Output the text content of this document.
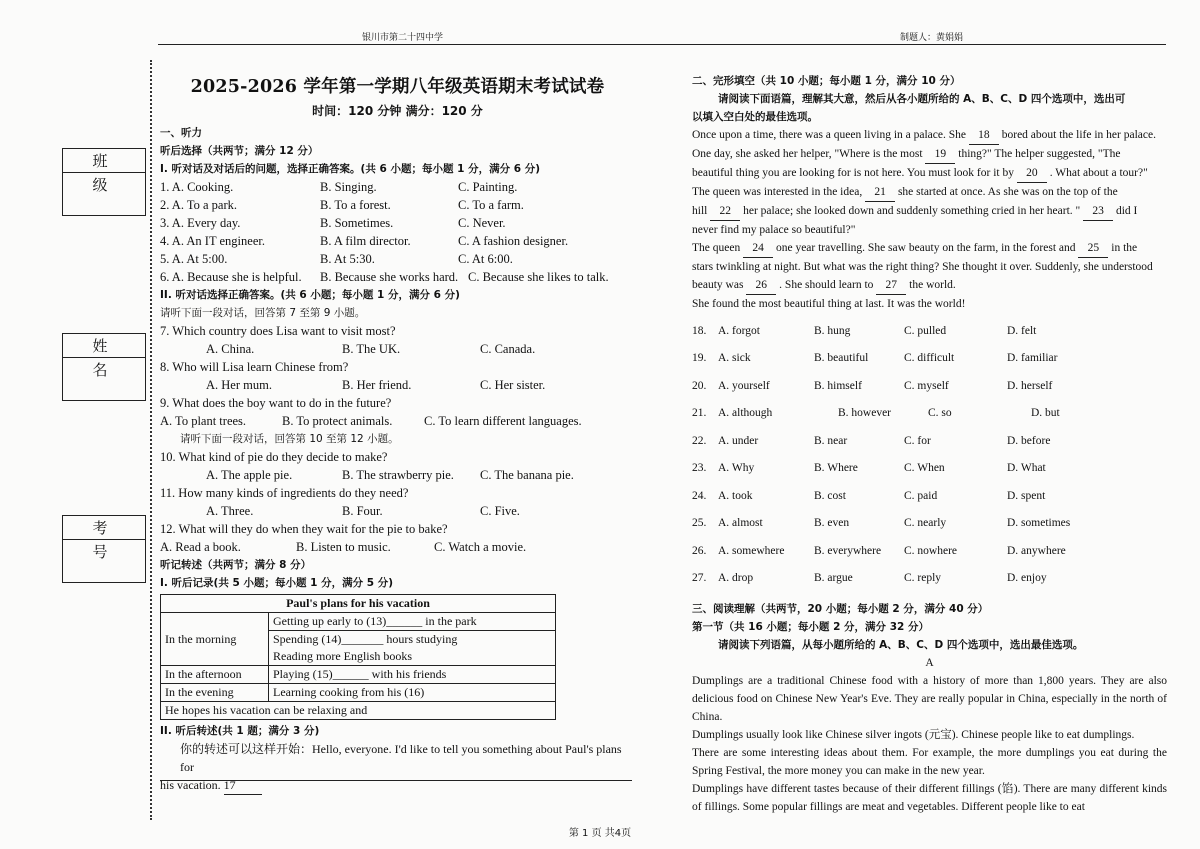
银川市第二十四中学	制题人：黄娟娟
班 级
姓 名
考 号
2025-2026 学年第一学期八年级英语期末考试试卷
时间：120 分钟 满分：120 分
一、听力
听后选择（共两节；满分 12 分）
I. 听对话及对话后的问题，选择正确答案。(共 6 小题；每小题 1 分，满分 6 分)
1. A. Cooking.	B. Singing.	C. Painting.
2. A. To a park.	B. To a forest.	C. To a farm.
3. A. Every day.	B. Sometimes.	C. Never.
4. A. An IT engineer.	B. A film director.	C. A fashion designer.
5. A. At 5:00.	B. At 5:30.	C. At 6:00.
6. A. Because she is helpful.	B. Because she works hard. C. Because she likes to talk.
II. 听对话选择正确答案。(共 6 小题；每小题 1 分，满分 6 分)
请听下面一段对话，回答第 7 至第 9 小题。
7. Which country does Lisa want to visit most?
A. China.	B. The UK.	C. Canada.
8. Who will Lisa learn Chinese from?
A. Her mum.	B. Her friend.	C. Her sister.
9. What does the boy want to do in the future?
A. To plant trees.	B. To protect animals.	C. To learn different languages.
请听下面一段对话，回答第 10 至第 12 小题。
10. What kind of pie do they decide to make?
A. The apple pie.	B. The strawberry pie.	C. The banana pie.
11. How many kinds of ingredients do they need?
A. Three.	B. Four.	C. Five.
12. What will they do when they wait for the pie to bake?
A. Read a book.	B. Listen to music.	C. Watch a movie.
听记转述（共两节；满分 8 分）
I. 听后记录(共 5 小题；每小题 1 分，满分 5 分)
Paul's plans for his vacation	
In the morning	Getting up early to (13)______ in the park
	Spending (14)_______ hours studying
	Reading more English books
In the afternoon	Playing (15)______ with his friends
In the evening	Learning cooking from his (16)
He hopes his vacation can be relaxing and	
II. 听后转述(共 1 题；满分 3 分)
你的转述可以这样开始：Hello, everyone. I'd like to tell you something about Paul's plans for
his vacation. 17
二、完形填空（共 10 小题；每小题 1 分，满分 10 分）
请阅读下面语篇，理解其大意，然后从各小题所给的 A、B、C、D 四个选项中，选出可
以填入空白处的最佳选项。

Once upon a time, there was a queen living in a palace. She 18 bored about the life in her palace.

One day, she asked her helper, "Where is the most 19 thing?" The helper suggested, "The

beautiful thing you are looking for is not here. You must look for it by 20 . What about a tour?"

The queen was interested in the idea, 21 she started at once. As she was on the top of the

hill 22 her palace; she looked down and suddenly something cried in her heart. " 23 did I

never find my palace so beautiful?"

The queen 24 one year travelling. She saw beauty on the farm, in the forest and 25 in the

stars twinkling at night. But what was the right thing? She thought it over. Suddenly, she understood

beauty was 26 . She should learn to 27 the world.

She found the most beautiful thing at last. It was the world!

18.	A. forgot	B. hung	C. pulled	D. felt
19.	A. sick	B. beautiful	C. difficult	D. familiar
20.	A. yourself	B. himself	C. myself	D. herself
21.	A. although	B. however	C. so	D. but
22.	A. under	B. near	C. for	D. before
23.	A. Why	B. Where	C. When	D. What
24.	A. took	B. cost	C. paid	D. spent
25.	A. almost	B. even	C. nearly	D. sometimes
26.	A. somewhere	B. everywhere	C. nowhere	D. anywhere
27.	A. drop	B. argue	C. reply	D. enjoy
三、阅读理解（共两节，20 小题；每小题 2 分，满分 40 分）
第一节（共 16 小题；每小题 2 分，满分 32 分）
请阅读下列语篇，从每小题所给的 A、B、C、D 四个选项中，选出最佳选项。
A

Dumplings are a traditional Chinese food with a history of more than 1,800 years. They are also delicious food on Chinese New Year's Eve. They are really popular in China, especially in the north of China.

Dumplings usually look like Chinese silver ingots (元宝). Chinese people like to eat dumplings.

There are some interesting ideas about them. For example, the more dumplings you eat during the Spring Festival, the more money you can make in the new year.

Dumplings have different tastes because of their different fillings (馅). There are many different kinds of fillings. Some popular fillings are meat and vegetables. Different people like to eat

第 1 页 共4页
